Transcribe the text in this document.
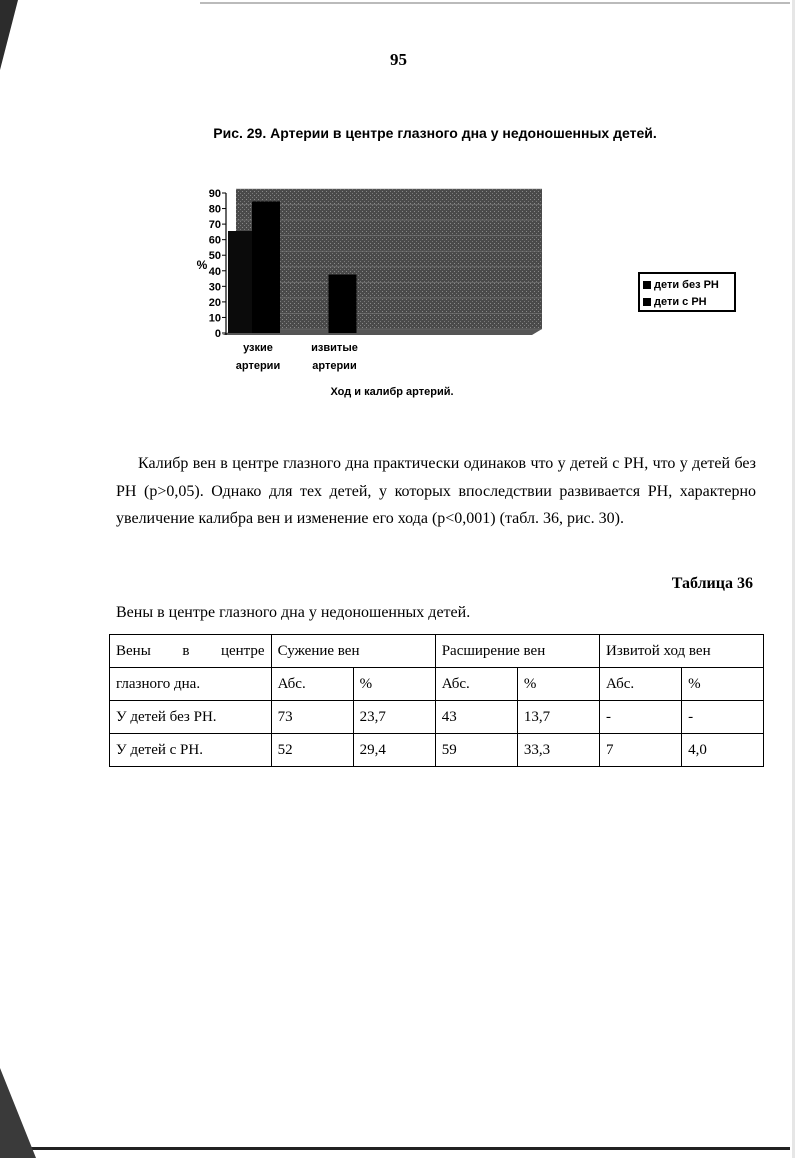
95
Рис. 29. Артерии в центре глазного дна у недоношенных детей.
0
10
20
30
40
50
60
70
80
90
%
узкие
артерии
извитые
артерии
Ход и калибр артерий.
дети без РН
дети с РН

Калибр вен в центре глазного дна практически одинаков что у детей с РН, что у детей без РН (p>0,05). Однако для тех детей, у которых впоследствии развивается РН, характерно увеличение калибра вен и изменение его хода (p<0,001) (табл. 36, рис. 30).

Таблица 36
Вены в центре глазного дна у недоношенных детей.
Вены в центре	Сужение вен		Расширение вен		Извитой ход вен	
глазного дна.	Абс.	%	Абс.	%	Абс.	%
У детей без РН.	73	23,7	43	13,7	-	-
У детей с РН.	52	29,4	59	33,3	7	4,0
